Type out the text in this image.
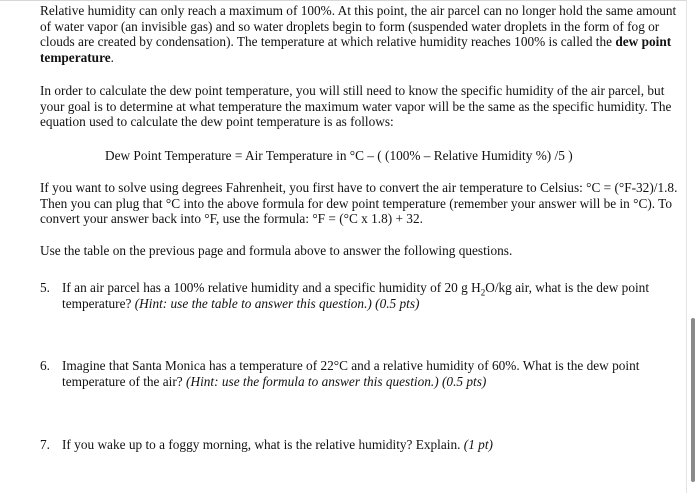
Relative humidity can only reach a maximum of 100%. At this point, the air parcel can no longer hold the same amount of water vapor (an invisible gas) and so water droplets begin to form (suspended water droplets in the form of fog or clouds are created by condensation). The temperature at which relative humidity reaches 100% is called the dew point temperature.

In order to calculate the dew point temperature, you will still need to know the specific humidity of the air parcel, but your goal is to determine at what temperature the maximum water vapor will be the same as the specific humidity. The equation used to calculate the dew point temperature is as follows:

Dew Point Temperature = Air Temperature in °C – ( (100% – Relative Humidity %) /5 )

If you want to solve using degrees Fahrenheit, you first have to convert the air temperature to Celsius: °C = (°F-32)/1.8. Then you can plug that °C into the above formula for dew point temperature (remember your answer will be in °C). To convert your answer back into °F, use the formula: °F = (°C x 1.8) + 32.

Use the table on the previous page and formula above to answer the following questions.

5. If an air parcel has a 100% relative humidity and a specific humidity of 20 g $H_2O/kg$ air, what is the dew point temperature? (Hint: use the table to answer this question.) (0.5 pts)
6. Imagine that Santa Monica has a temperature of 22°C and a relative humidity of 60%. What is the dew point temperature of the air? (Hint: use the formula to answer this question.) (0.5 pts)
7. If you wake up to a foggy morning, what is the relative humidity? Explain. (1 pt)
